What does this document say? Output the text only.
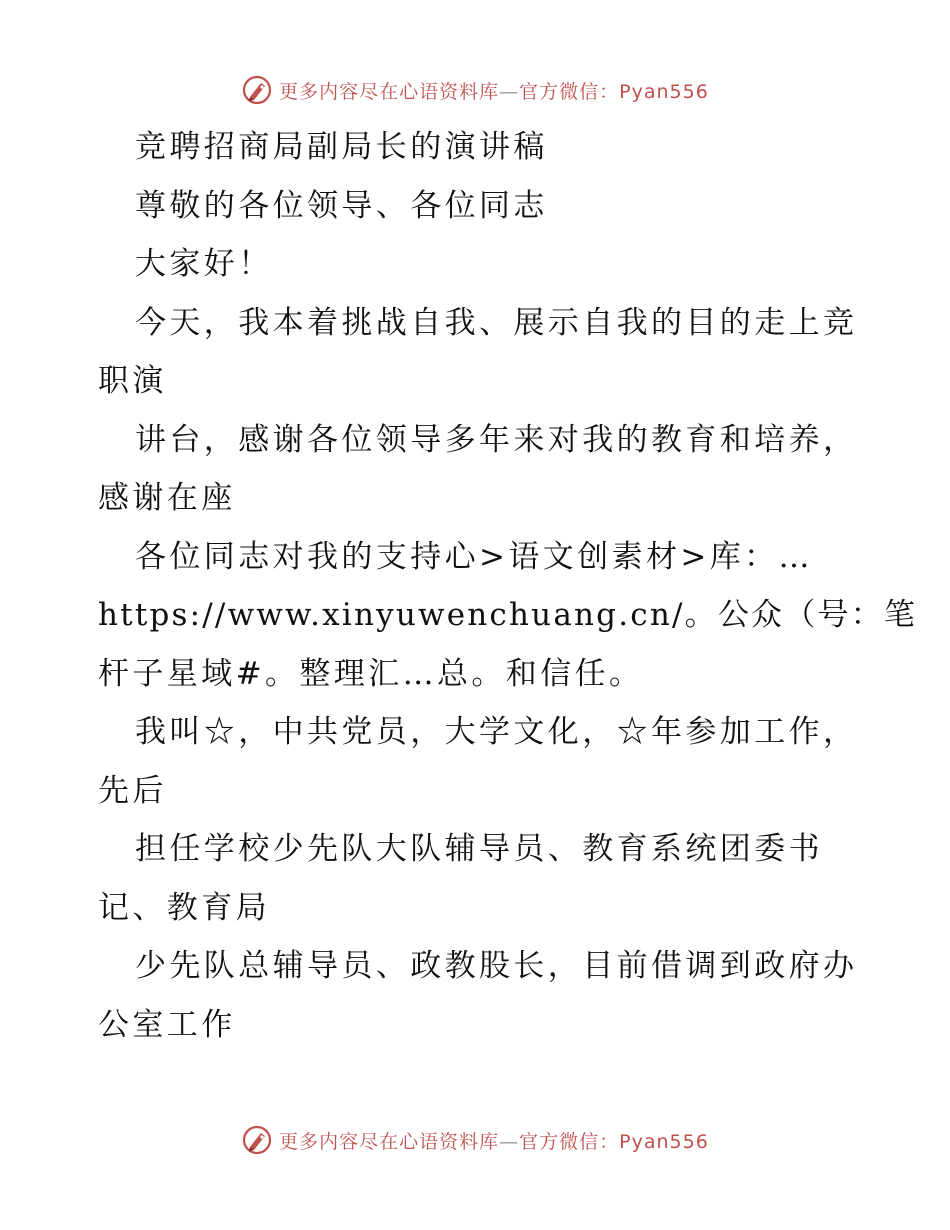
更多内容尽在心语资料库—官方微信：Pyan556
竞聘招商局副局长的演讲稿
尊敬的各位领导、各位同志
大家好！
今天，我本着挑战自我、展示自我的目的走上竞
职演
讲台，感谢各位领导多年来对我的教育和培养，
感谢在座
各位同志对我的支持心>语文创素材>库：…
https://www.xinyuwenchuang.cn/。公众（号：笔
杆子星域#。整理汇…总。和信任。
我叫☆，中共党员，大学文化，☆年参加工作，
先后
担任学校少先队大队辅导员、教育系统团委书
记、教育局
少先队总辅导员、政教股长，目前借调到政府办
公室工作
更多内容尽在心语资料库—官方微信：Pyan556
